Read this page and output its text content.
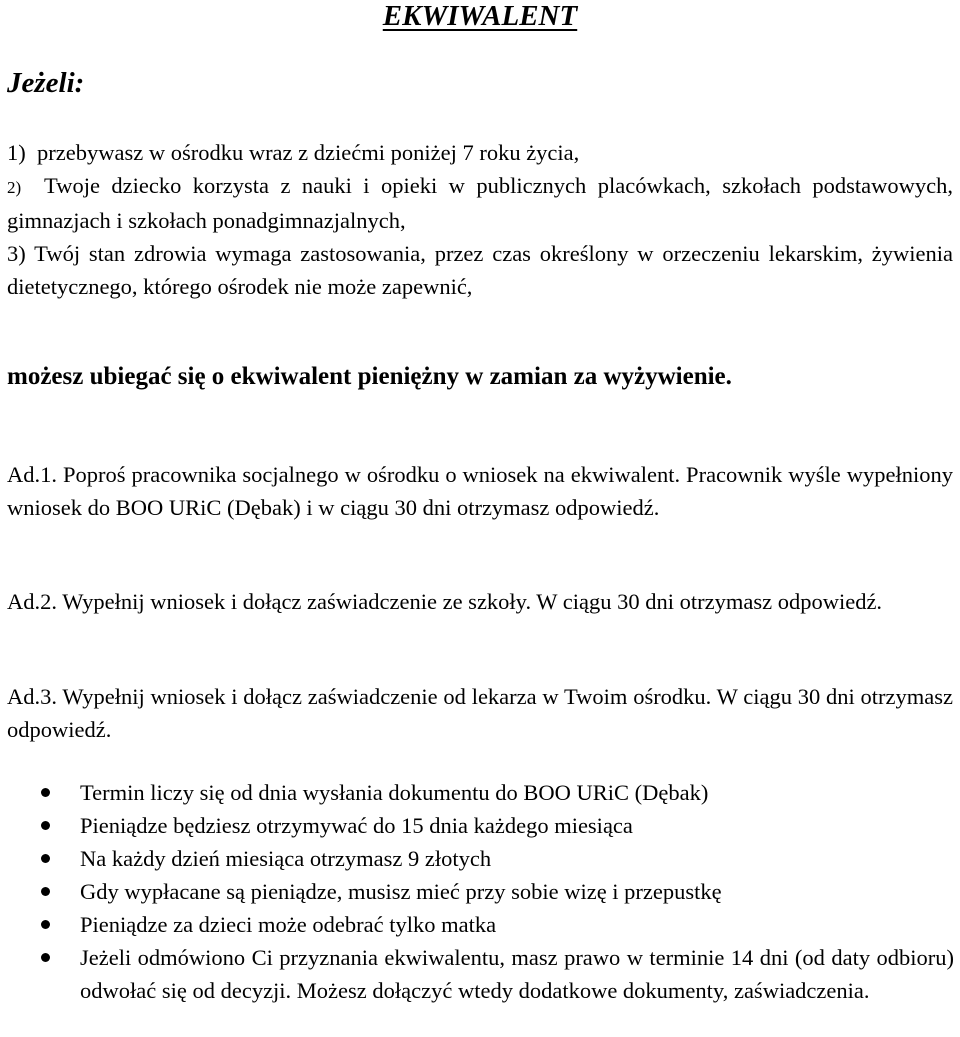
EKWIWALENT
Jeżeli:

1) przebywasz w ośrodku wraz z dziećmi poniżej 7 roku życia,

2) Twoje dziecko korzysta z nauki i opieki w publicznych placówkach, szkołach podstawowych, gimnazjach i szkołach ponadgimnazjalnych,

3) Twój stan zdrowia wymaga zastosowania, przez czas określony w orzeczeniu lekarskim, żywienia dietetycznego, którego ośrodek nie może zapewnić,

możesz ubiegać się o ekwiwalent pieniężny w zamian za wyżywienie.

Ad.1. Poproś pracownika socjalnego w ośrodku o wniosek na ekwiwalent. Pracownik wyśle wypełniony wniosek do BOO URiC (Dębak) i w ciągu 30 dni otrzymasz odpowiedź.

Ad.2. Wypełnij wniosek i dołącz zaświadczenie ze szkoły. W ciągu 30 dni otrzymasz odpowiedź.

Ad.3. Wypełnij wniosek i dołącz zaświadczenie od lekarza w Twoim ośrodku. W ciągu 30 dni otrzymasz odpowiedź.

Termin liczy się od dnia wysłania dokumentu do BOO URiC (Dębak)
Pieniądze będziesz otrzymywać do 15 dnia każdego miesiąca
Na każdy dzień miesiąca otrzymasz 9 złotych
Gdy wypłacane są pieniądze, musisz mieć przy sobie wizę i przepustkę
Pieniądze za dzieci może odebrać tylko matka
Jeżeli odmówiono Ci przyznania ekwiwalentu, masz prawo w terminie 14 dni (od daty odbioru) odwołać się od decyzji. Możesz dołączyć wtedy dodatkowe dokumenty, zaświadczenia.
